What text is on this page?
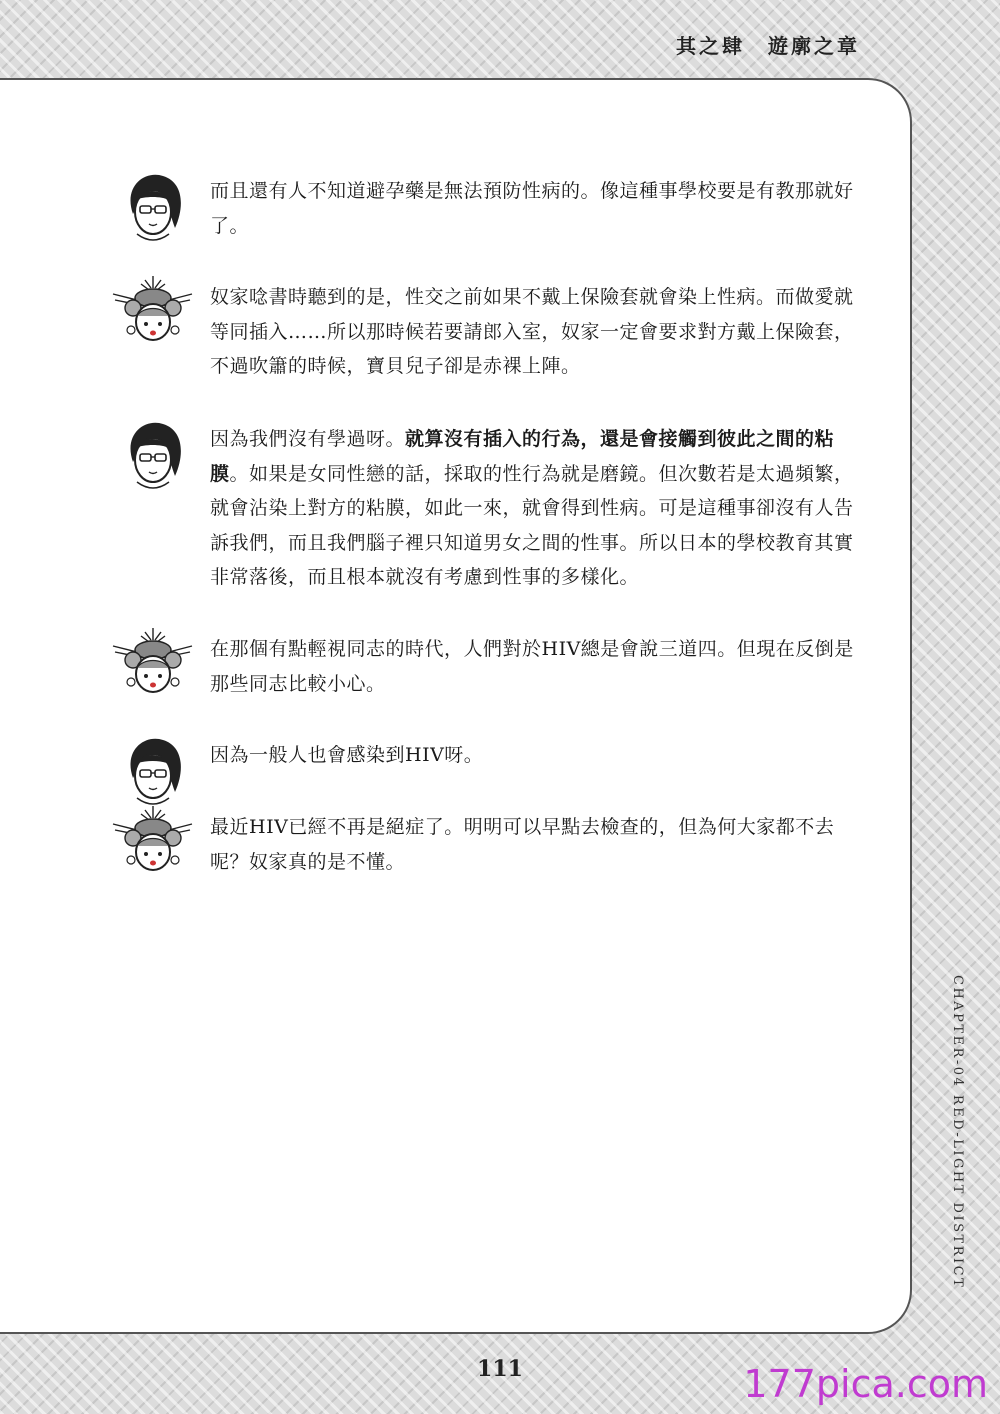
其之肆　遊廓之章
而且還有人不知道避孕藥是無法預防性病的。像這種事學校要是有教那就好了。
奴家唸書時聽到的是，性交之前如果不戴上保險套就會染上性病。而做愛就等同插入……所以那時候若要請郎入室，奴家一定會要求對方戴上保險套，不過吹簫的時候，寶貝兒子卻是赤裸上陣。
因為我們沒有學過呀。就算沒有插入的行為，還是會接觸到彼此之間的粘膜。如果是女同性戀的話，採取的性行為就是磨鏡。但次數若是太過頻繁，就會沾染上對方的粘膜，如此一來，就會得到性病。可是這種事卻沒有人告訴我們，而且我們腦子裡只知道男女之間的性事。所以日本的學校教育其實非常落後，而且根本就沒有考慮到性事的多樣化。
在那個有點輕視同志的時代，人們對於HIV總是會說三道四。但現在反倒是那些同志比較小心。
因為一般人也會感染到HIV呀。
最近HIV已經不再是絕症了。明明可以早點去檢查的，但為何大家都不去呢？奴家真的是不懂。
CHAPTER-04 RED-LIGHT DISTRICT
111	177pica.com
